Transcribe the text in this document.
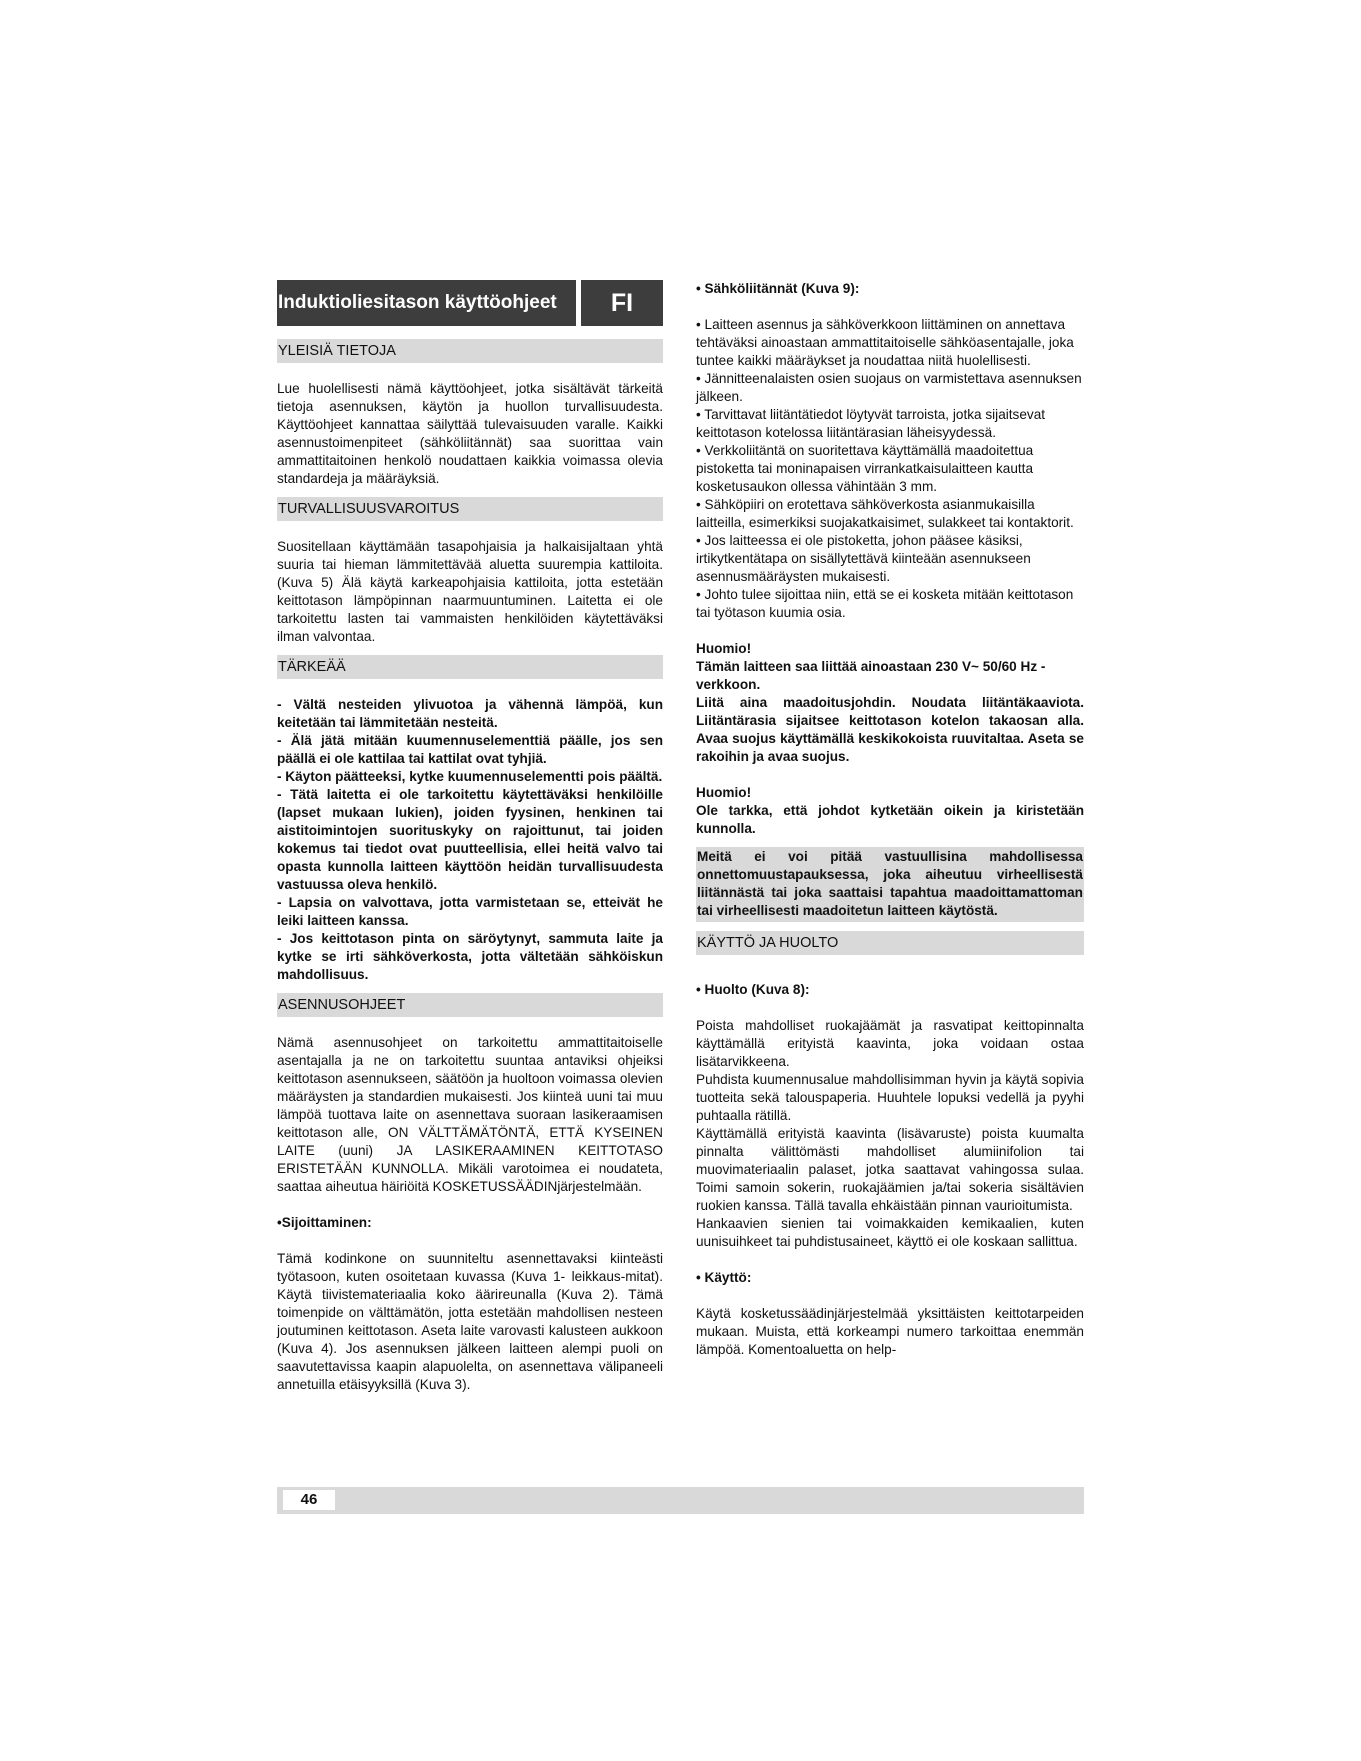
Induktioliesitason käyttöohjeet	FI
YLEISIÄ TIETOJA

Lue huolellisesti nämä käyttöohjeet, jotka sisältävät tärkeitä tietoja asennuksen, käytön ja huollon turvallisuudesta. Käyttöohjeet kannattaa säilyttää tulevaisuuden varalle. Kaikki asennustoimenpiteet (sähköliitännät) saa suorittaa vain ammattitaitoinen henkolö noudattaen kaikkia voimassa olevia standardeja ja määräyksiä.

TURVALLISUUSVAROITUS

Suositellaan käyttämään tasapohjaisia ja halkaisijaltaan yhtä suuria tai hieman lämmitettävää aluetta suurempia kattiloita. (Kuva 5) Älä käytä karkeapohjaisia kattiloita, jotta estetään keittotason lämpöpinnan naarmuuntuminen. Laitetta ei ole tarkoitettu lasten tai vammaisten henkilöiden käytettäväksi ilman valvontaa.

TÄRKEÄÄ

- Vältä nesteiden ylivuotoa ja vähennä lämpöä, kun keitetään tai lämmitetään nesteitä.

- Älä jätä mitään kuumennuselementtiä päälle, jos sen päällä ei ole kattilaa tai kattilat ovat tyhjiä.

- Käyton päätteeksi, kytke kuumennuselementti pois päältä.

- Tätä laitetta ei ole tarkoitettu käytettäväksi henkilöille (lapset mukaan lukien), joiden fyysinen, henkinen tai aistitoimintojen suorituskyky on rajoittunut, tai joiden kokemus tai tiedot ovat puutteellisia, ellei heitä valvo tai opasta kunnolla laitteen käyttöön heidän turvallisuudesta vastuussa oleva henkilö.

- Lapsia on valvottava, jotta varmistetaan se, etteivät he leiki laitteen kanssa.

- Jos keittotason pinta on säröytynyt, sammuta laite ja kytke se irti sähköverkosta, jotta vältetään sähköiskun mahdollisuus.

ASENNUSOHJEET

Nämä asennusohjeet on tarkoitettu ammattitaitoiselle asentajalla ja ne on tarkoitettu suuntaa antaviksi ohjeiksi keittotason asennukseen, säätöön ja huoltoon voimassa olevien määräysten ja standardien mukaisesti. Jos kiinteä uuni tai muu lämpöä tuottava laite on asennettava suoraan lasikeraamisen keittotason alle, ON VÄLTTÄMÄTÖNTÄ, ETTÄ KYSEINEN LAITE (uuni) JA LASIKERAAMINEN KEITTOTASO ERISTETÄÄN KUNNOLLA. Mikäli varotoimea ei noudateta, saattaa aiheutua häiriöitä KOSKETUSSÄÄDINjärjestelmään.

•Sijoittaminen:

Tämä kodinkone on suunniteltu asennettavaksi kiinteästi työtasoon, kuten osoitetaan kuvassa (Kuva 1- leikkaus-mitat). Käytä tiivistemateriaalia koko äärireunalla (Kuva 2). Tämä toimenpide on välttämätön, jotta estetään mahdollisen nesteen joutuminen keittotason. Aseta laite varovasti kalusteen aukkoon (Kuva 4). Jos asennuksen jälkeen laitteen alempi puoli on saavutettavissa kaapin alapuolelta, on asennettava välipaneeli annetuilla etäisyyksillä (Kuva 3).

• Sähköliitännät (Kuva 9):

• Laitteen asennus ja sähköverkkoon liittäminen on annettava tehtäväksi ainoastaan ammattitaitoiselle sähköasentajalle, joka tuntee kaikki määräykset ja noudattaa niitä huolellisesti.

• Jännitteenalaisten osien suojaus on varmistettava asennuksen jälkeen.

• Tarvittavat liitäntätiedot löytyvät tarroista, jotka sijaitsevat keittotason kotelossa liitäntärasian läheisyydessä.

• Verkkoliitäntä on suoritettava käyttämällä maadoitettua pistoketta tai moninapaisen virrankatkaisulaitteen kautta kosketusaukon ollessa vähintään 3 mm.

• Sähköpiiri on erotettava sähköverkosta asianmukaisilla laitteilla, esimerkiksi suojakatkaisimet, sulakkeet tai kontaktorit.

• Jos laitteessa ei ole pistoketta, johon pääsee käsiksi, irtikytkentätapa on sisällytettävä kiinteään asennukseen asennusmääräysten mukaisesti.

• Johto tulee sijoittaa niin, että se ei kosketa mitään keittotason tai työtason kuumia osia.

Huomio!

Tämän laitteen saa liittää ainoastaan 230 V~ 50/60 Hz -verkkoon.

Liitä aina maadoitusjohdin. Noudata liitäntäkaaviota. Liitäntärasia sijaitsee keittotason kotelon takaosan alla. Avaa suojus käyttämällä keskikokoista ruuvitaltaa. Aseta se rakoihin ja avaa suojus.

Huomio!

Ole tarkka, että johdot kytketään oikein ja kiristetään kunnolla.

Meitä ei voi pitää vastuullisina mahdollisessa onnettomuustapauksessa, joka aiheutuu virheellisestä liitännästä tai joka saattaisi tapahtua maadoittamattoman tai virheellisesti maadoitetun laitteen käytöstä.

KÄYTTÖ JA HUOLTO

• Huolto (Kuva 8):

Poista mahdolliset ruokajäämät ja rasvatipat keittopinnalta käyttämällä erityistä kaavinta, joka voidaan ostaa lisätarvikkeena.

Puhdista kuumennusalue mahdollisimman hyvin ja käytä sopivia tuotteita sekä talouspaperia. Huuhtele lopuksi vedellä ja pyyhi puhtaalla rätillä.

Käyttämällä erityistä kaavinta (lisävaruste) poista kuumalta pinnalta välittömästi mahdolliset alumiinifolion tai muovimateriaalin palaset, jotka saattavat vahingossa sulaa. Toimi samoin sokerin, ruokajäämien ja/tai sokeria sisältävien ruokien kanssa. Tällä tavalla ehkäistään pinnan vaurioitumista.

Hankaavien sienien tai voimakkaiden kemikaalien, kuten uunisuihkeet tai puhdistusaineet, käyttö ei ole koskaan sallittua.

• Käyttö:

Käytä kosketussäädinjärjestelmää yksittäisten keittotarpeiden mukaan. Muista, että korkeampi numero tarkoittaa enemmän lämpöä. Komentoaluetta on help-

46
